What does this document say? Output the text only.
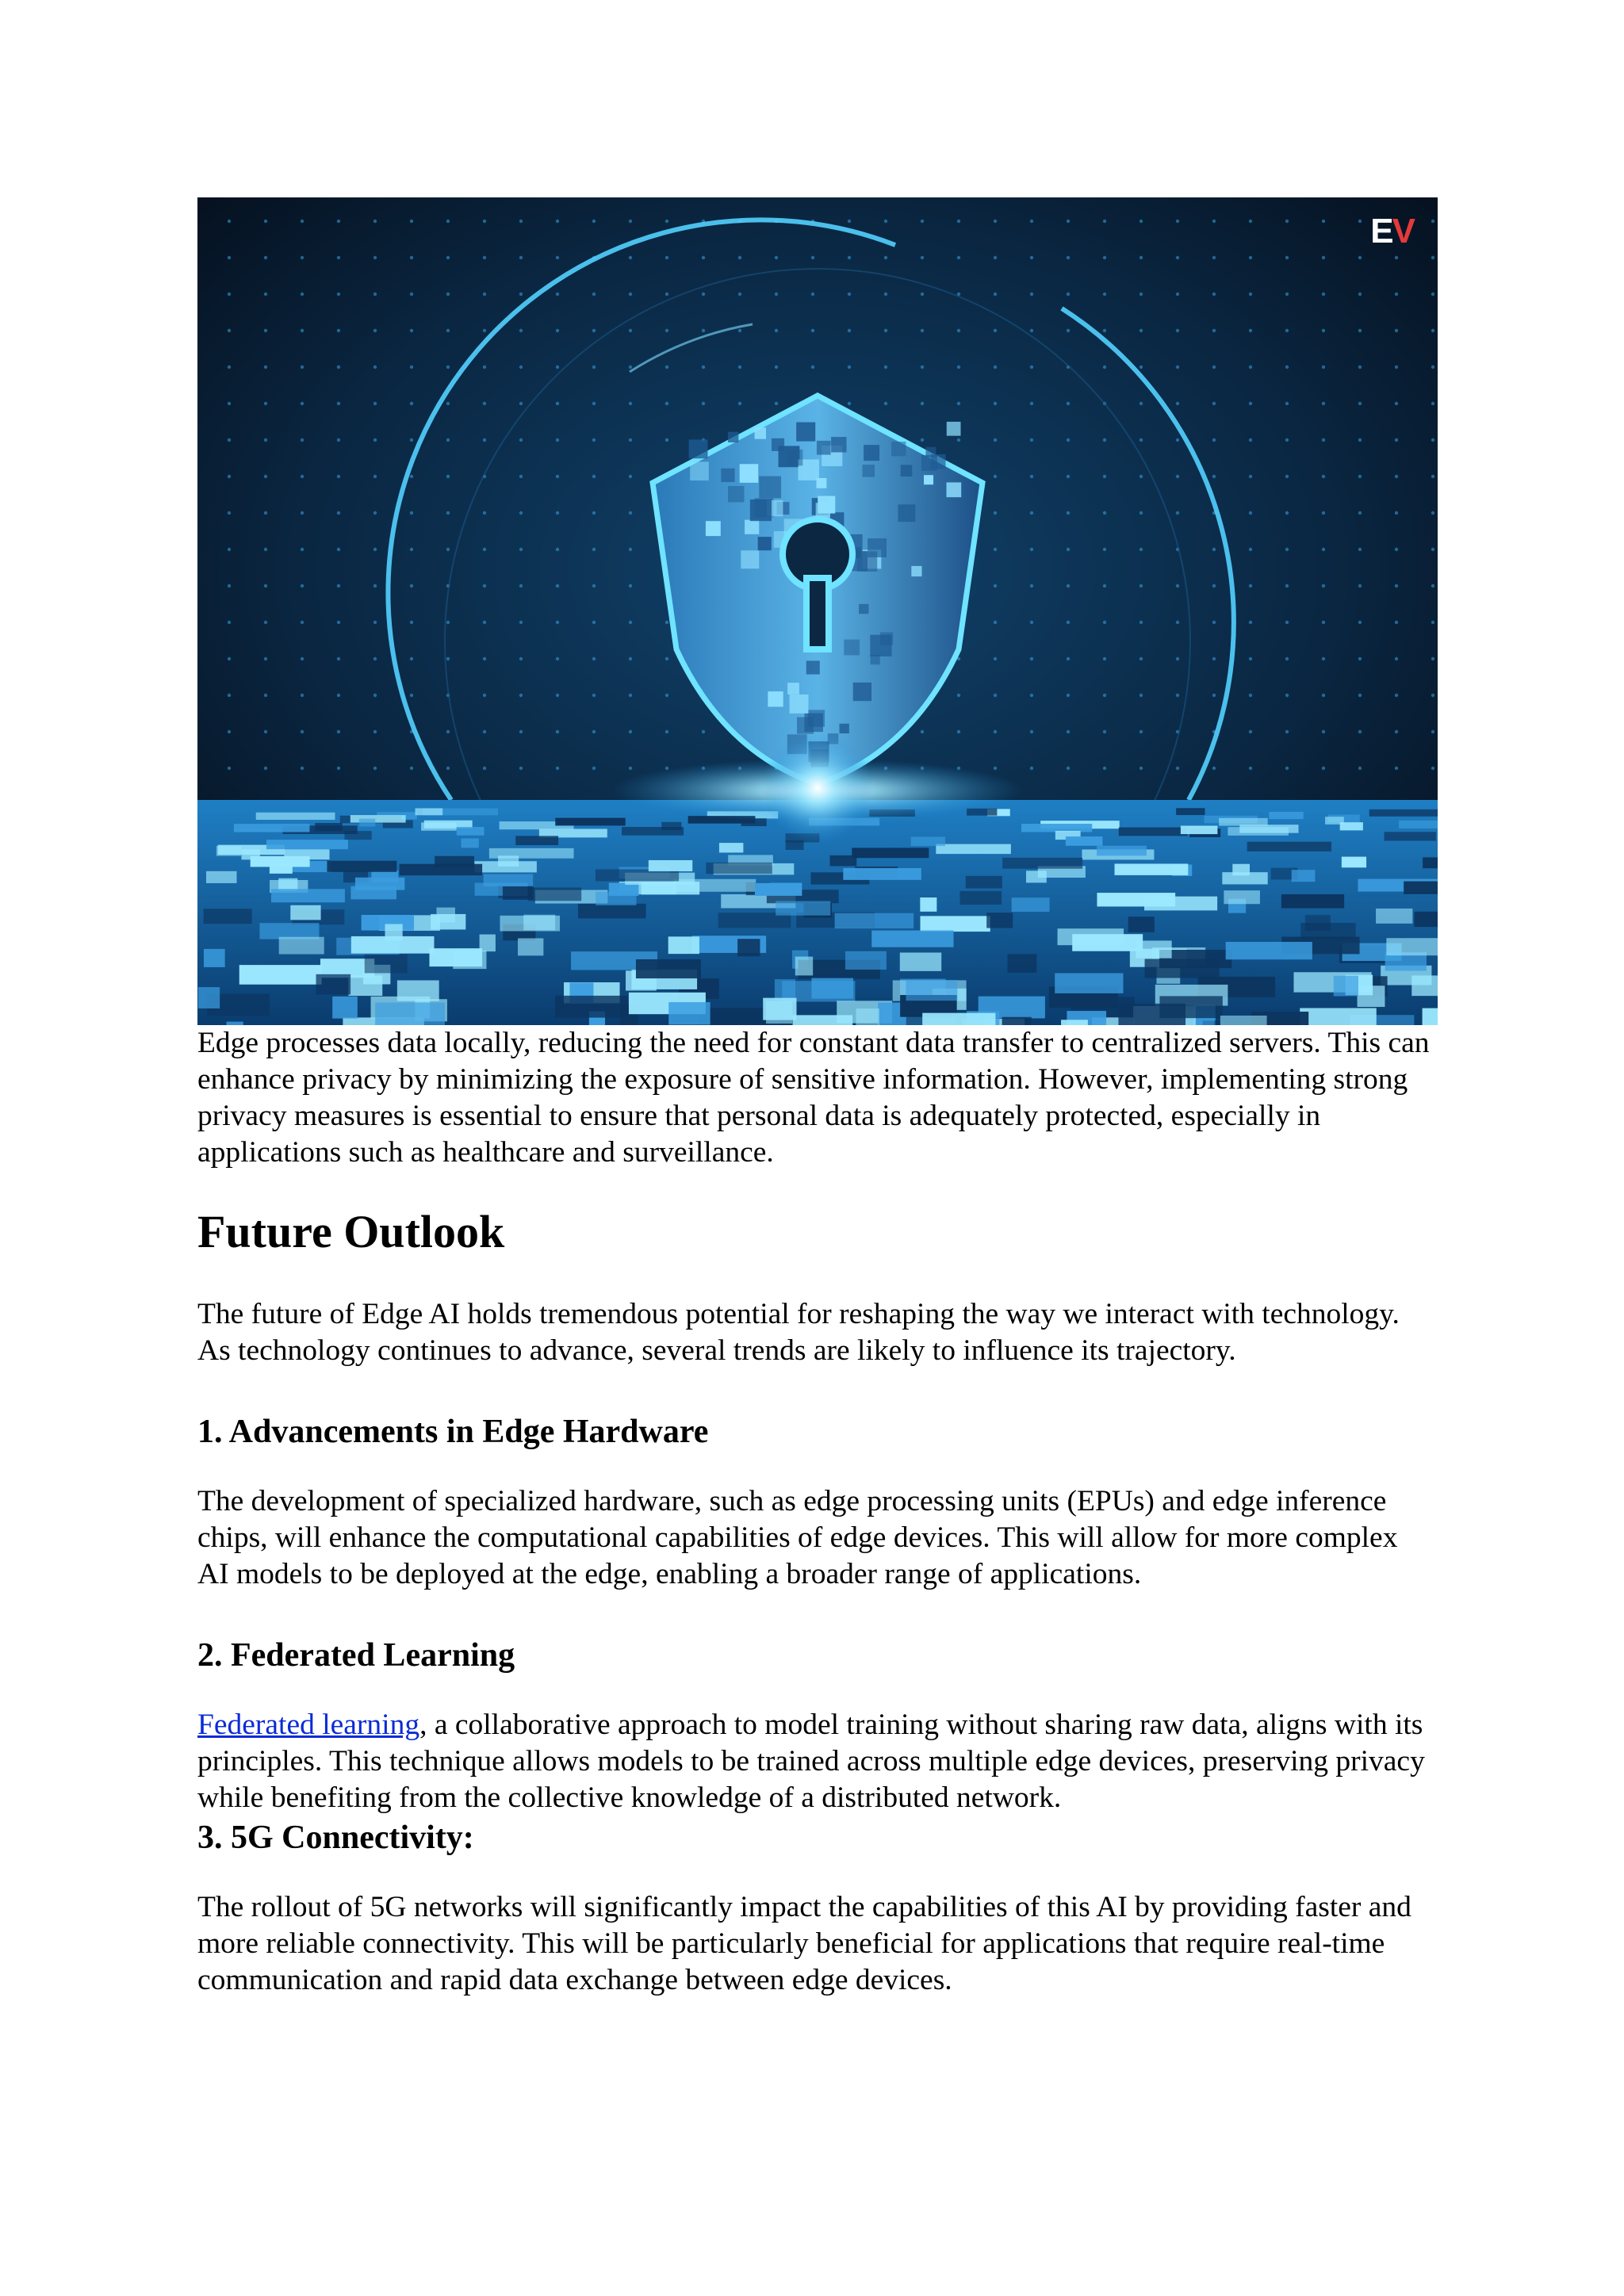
EV

Edge processes data locally, reducing the need for constant data transfer to centralized servers. This can enhance privacy by minimizing the exposure of sensitive information. However, implementing strong privacy measures is essential to ensure that personal data is adequately protected, especially in applications such as healthcare and surveillance.

Future Outlook

The future of Edge AI holds tremendous potential for reshaping the way we interact with technology. As technology continues to advance, several trends are likely to influence its trajectory.

1. Advancements in Edge Hardware

The development of specialized hardware, such as edge processing units (EPUs) and edge inference chips, will enhance the computational capabilities of edge devices. This will allow for more complex AI models to be deployed at the edge, enabling a broader range of applications.

2. Federated Learning

Federated learning, a collaborative approach to model training without sharing raw data, aligns with its principles. This technique allows models to be trained across multiple edge devices, preserving privacy while benefiting from the collective knowledge of a distributed network.

3. 5G Connectivity:

The rollout of 5G networks will significantly impact the capabilities of this AI by providing faster and more reliable connectivity. This will be particularly beneficial for applications that require real-time communication and rapid data exchange between edge devices.
